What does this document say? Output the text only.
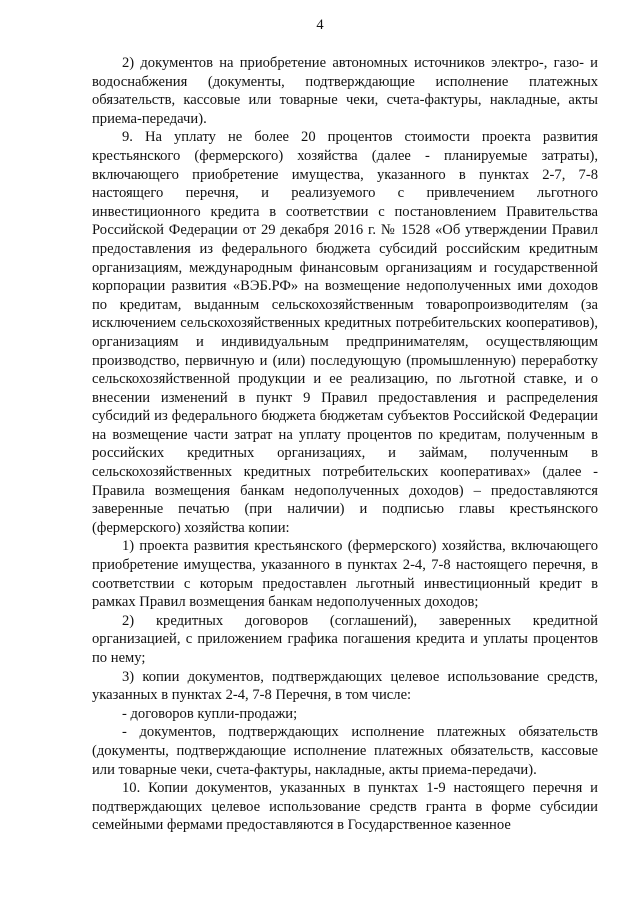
4

2) документов на приобретение автономных источников электро-, газо- и водоснабжения (документы, подтверждающие исполнение платежных обязательств, кассовые или товарные чеки, счета-фактуры, накладные, акты приема-передачи).

9. На уплату не более 20 процентов стоимости проекта развития крестьянского (фермерского) хозяйства (далее - планируемые затраты), включающего приобретение имущества, указанного в пунктах 2-7, 7-8 настоящего перечня, и реализуемого с привлечением льготного инвестиционного кредита в соответствии с постановлением Правительства Российской Федерации от 29 декабря 2016 г. № 1528 «Об утверждении Правил предоставления из федерального бюджета субсидий российским кредитным организациям, международным финансовым организациям и государственной корпорации развития «ВЭБ.РФ» на возмещение недополученных ими доходов по кредитам, выданным сельскохозяйственным товаропроизводителям (за исключением сельскохозяйственных кредитных потребительских кооперативов), организациям и индивидуальным предпринимателям, осуществляющим производство, первичную и (или) последующую (промышленную) переработку сельскохозяйственной продукции и ее реализацию, по льготной ставке, и о внесении изменений в пункт 9 Правил предоставления и распределения субсидий из федерального бюджета бюджетам субъектов Российской Федерации на возмещение части затрат на уплату процентов по кредитам, полученным в российских кредитных организациях, и займам, полученным в сельскохозяйственных кредитных потребительских кооперативах» (далее - Правила возмещения банкам недополученных доходов) – предоставляются заверенные печатью (при наличии) и подписью главы крестьянского (фермерского) хозяйства копии:

1) проекта развития крестьянского (фермерского) хозяйства, включающего приобретение имущества, указанного в пунктах 2-4, 7-8 настоящего перечня, в соответствии с которым предоставлен льготный инвестиционный кредит в рамках Правил возмещения банкам недополученных доходов;

2) кредитных договоров (соглашений), заверенных кредитной организацией, с приложением графика погашения кредита и уплаты процентов по нему;

3) копии документов, подтверждающих целевое использование средств, указанных в пунктах 2-4, 7-8 Перечня, в том числе:

- договоров купли-продажи;

- документов, подтверждающих исполнение платежных обязательств (документы, подтверждающие исполнение платежных обязательств, кассовые или товарные чеки, счета-фактуры, накладные, акты приема-передачи).

10. Копии документов, указанных в пунктах 1-9 настоящего перечня и подтверждающих целевое использование средств гранта в форме субсидии семейными фермами предоставляются в Государственное казенное
